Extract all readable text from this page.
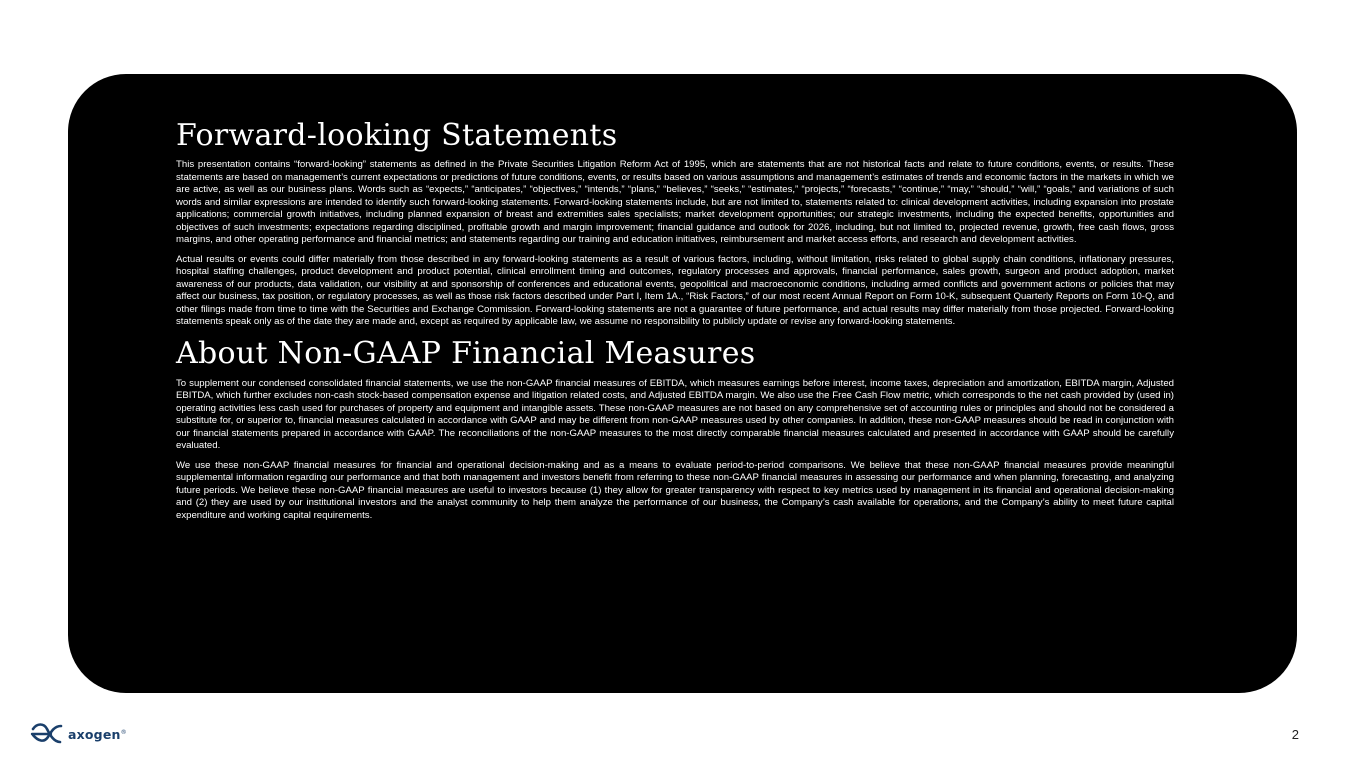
Forward-looking Statements

This presentation contains “forward-looking” statements as defined in the Private Securities Litigation Reform Act of 1995, which are statements that are not historical facts and relate to future conditions, events, or results. These statements are based on management’s current expectations or predictions of future conditions, events, or results based on various assumptions and management’s estimates of trends and economic factors in the markets in which we are active, as well as our business plans. Words such as “expects,” “anticipates,” “objectives,” “intends,” “plans,” “believes,” “seeks,” “estimates,” “projects,” “forecasts,” “continue,” “may,” “should,” “will,” “goals,” and variations of such words and similar expressions are intended to identify such forward-looking statements. Forward-looking statements include, but are not limited to, statements related to: clinical development activities, including expansion into prostate applications; commercial growth initiatives, including planned expansion of breast and extremities sales specialists; market development opportunities; our strategic investments, including the expected benefits, opportunities and objectives of such investments; expectations regarding disciplined, profitable growth and margin improvement; financial guidance and outlook for 2026, including, but not limited to, projected revenue, growth, free cash flows, gross margins, and other operating performance and financial metrics; and statements regarding our training and education initiatives, reimbursement and market access efforts, and research and development activities.

Actual results or events could differ materially from those described in any forward-looking statements as a result of various factors, including, without limitation, risks related to global supply chain conditions, inflationary pressures, hospital staffing challenges, product development and product potential, clinical enrollment timing and outcomes, regulatory processes and approvals, financial performance, sales growth, surgeon and product adoption, market awareness of our products, data validation, our visibility at and sponsorship of conferences and educational events, geopolitical and macroeconomic conditions, including armed conflicts and government actions or policies that may affect our business, tax position, or regulatory processes, as well as those risk factors described under Part I, Item 1A., “Risk Factors,” of our most recent Annual Report on Form 10-K, subsequent Quarterly Reports on Form 10-Q, and other filings made from time to time with the Securities and Exchange Commission. Forward-looking statements are not a guarantee of future performance, and actual results may differ materially from those projected. Forward-looking statements speak only as of the date they are made and, except as required by applicable law, we assume no responsibility to publicly update or revise any forward-looking statements.

About Non-GAAP Financial Measures

To supplement our condensed consolidated financial statements, we use the non-GAAP financial measures of EBITDA, which measures earnings before interest, income taxes, depreciation and amortization, EBITDA margin, Adjusted EBITDA, which further excludes non-cash stock-based compensation expense and litigation related costs, and Adjusted EBITDA margin. We also use the Free Cash Flow metric, which corresponds to the net cash provided by (used in) operating activities less cash used for purchases of property and equipment and intangible assets. These non-GAAP measures are not based on any comprehensive set of accounting rules or principles and should not be considered a substitute for, or superior to, financial measures calculated in accordance with GAAP and may be different from non-GAAP measures used by other companies. In addition, these non-GAAP measures should be read in conjunction with our financial statements prepared in accordance with GAAP. The reconciliations of the non-GAAP measures to the most directly comparable financial measures calculated and presented in accordance with GAAP should be carefully evaluated.

We use these non-GAAP financial measures for financial and operational decision-making and as a means to evaluate period-to-period comparisons. We believe that these non-GAAP financial measures provide meaningful supplemental information regarding our performance and that both management and investors benefit from referring to these non-GAAP financial measures in assessing our performance and when planning, forecasting, and analyzing future periods. We believe these non-GAAP financial measures are useful to investors because (1) they allow for greater transparency with respect to key metrics used by management in its financial and operational decision-making and (2) they are used by our institutional investors and the analyst community to help them analyze the performance of our business, the Company’s cash available for operations, and the Company’s ability to meet future capital expenditure and working capital requirements.

axogen®	2
